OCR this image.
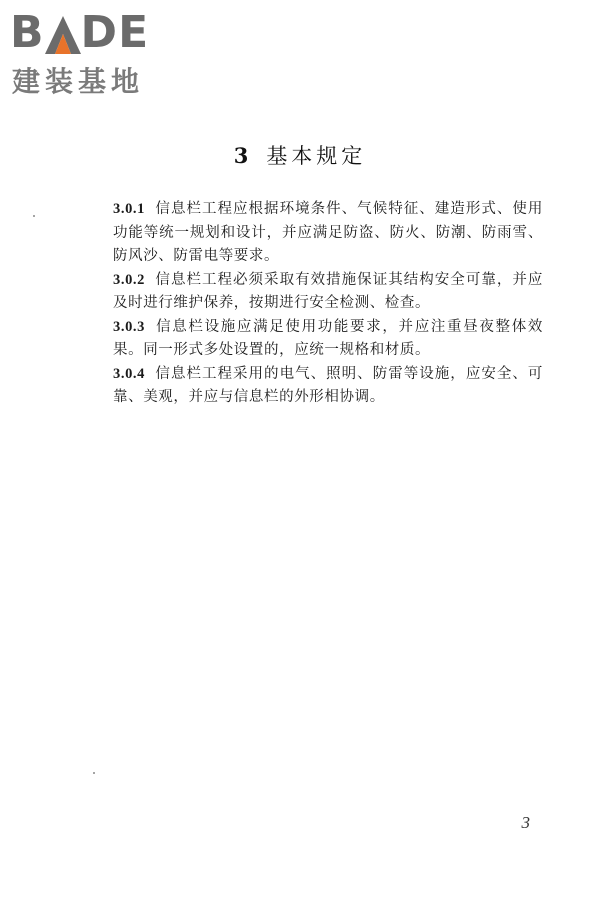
B DE
建装基地
3 基本规定

3.0.1 信息栏工程应根据环境条件、气候特征、建造形式、使用功能等统一规划和设计，并应满足防盗、防火、防潮、防雨雪、防风沙、防雷电等要求。

3.0.2 信息栏工程必须采取有效措施保证其结构安全可靠，并应及时进行维护保养，按期进行安全检测、检查。

3.0.3 信息栏设施应满足使用功能要求，并应注重昼夜整体效果。同一形式多处设置的，应统一规格和材质。

3.0.4 信息栏工程采用的电气、照明、防雷等设施，应安全、可靠、美观，并应与信息栏的外形相协调。

3
